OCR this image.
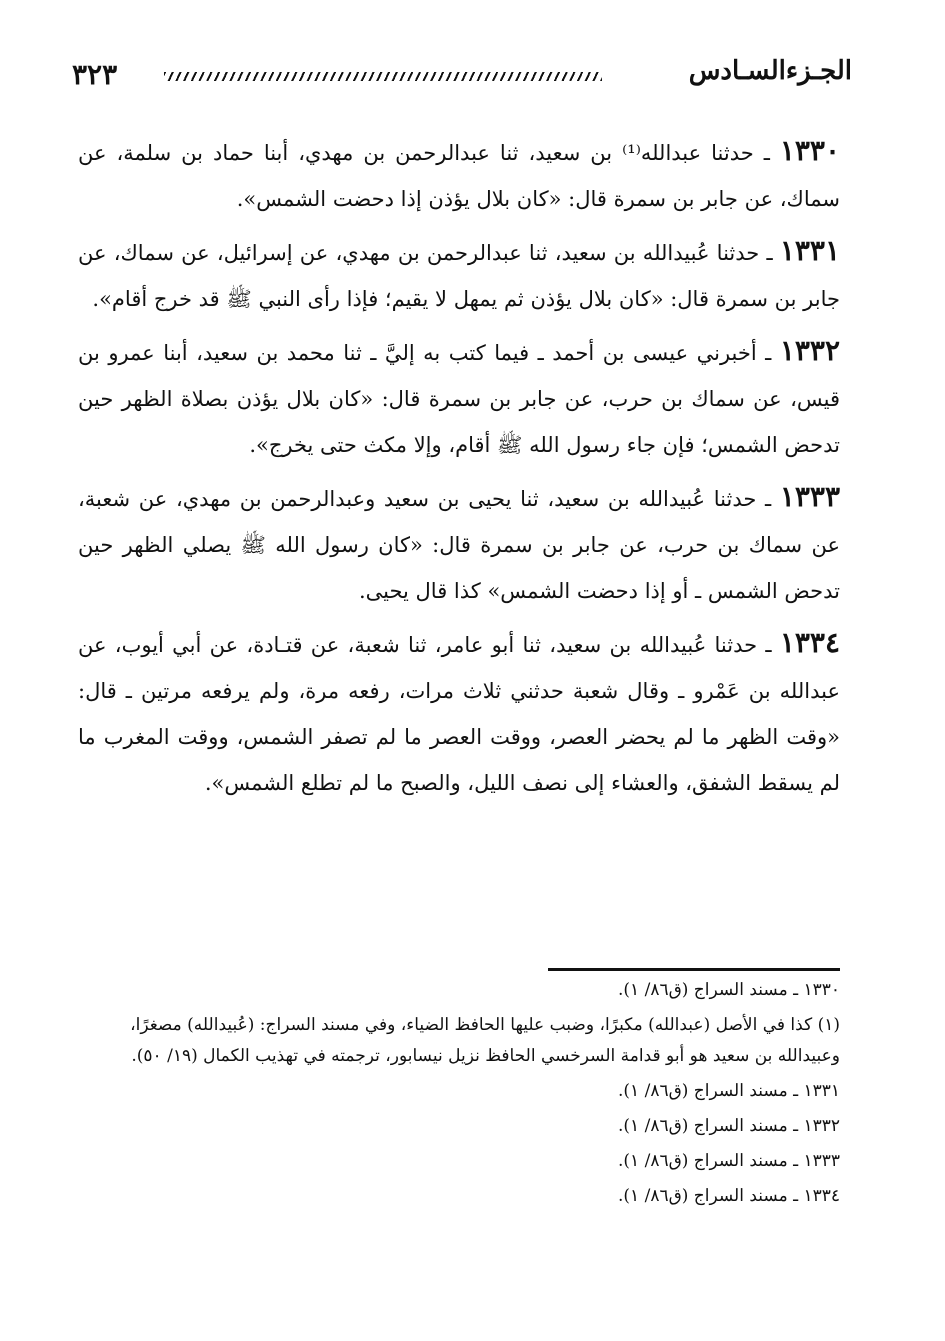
٣٢٣	الجـزءالسـادس

١٣٣٠ ـ حدثنا عبدالله⁽¹⁾ بن سعيد، ثنا عبدالرحمن بن مهدي، أبنا حماد بن سلمة، عن سماك، عن جابر بن سمرة قال: «كان بلال يؤذن إذا دحضت الشمس».

١٣٣١ ـ حدثنا عُبيدالله بن سعيد، ثنا عبدالرحمن بن مهدي، عن إسرائيل، عن سماك، عن جابر بن سمرة قال: «كان بلال يؤذن ثم يمهل لا يقيم؛ فإذا رأى النبي ﷺ قد خرج أقام».

١٣٣٢ ـ أخبرني عيسى بن أحمد ـ فيما كتب به إليَّ ـ ثنا محمد بن سعيد، أبنا عمرو بن قيس، عن سماك بن حرب، عن جابر بن سمرة قال: «كان بلال يؤذن بصلاة الظهر حين تدحض الشمس؛ فإن جاء رسول الله ﷺ أقام، وإلا مكث حتى يخرج».

١٣٣٣ ـ حدثنا عُبيدالله بن سعيد، ثنا يحيى بن سعيد وعبدالرحمن بن مهدي، عن شعبة، عن سماك بن حرب، عن جابر بن سمرة قال: «كان رسول الله ﷺ يصلي الظهر حين تدحض الشمس ـ أو إذا دحضت الشمس» كذا قال يحيى.

١٣٣٤ ـ حدثنا عُبيدالله بن سعيد، ثنا أبو عامر، ثنا شعبة، عن قتـادة، عن أبي أيوب، عن عبدالله بن عَمْرو ـ وقال شعبة حدثني ثلاث مرات، رفعه مرة، ولم يرفعه مرتين ـ قال: «وقت الظهر ما لم يحضر العصر، ووقت العصر ما لم تصفر الشمس، ووقت المغرب ما لم يسقط الشفق، والعشاء إلى نصف الليل، والصبح ما لم تطلع الشمس».

١٣٣٠ ـ مسند السراج (ق٨٦/ ١).

(١) كذا في الأصل (عبدالله) مكبرًا، وضبب عليها الحافظ الضياء، وفي مسند السراج: (عُبيدالله) مصغرًا، وعبيدالله بن سعيد هو أبو قدامة السرخسي الحافظ نزيل نيسابور، ترجمته في تهذيب الكمال (١٩/ ٥٠).

١٣٣١ ـ مسند السراج (ق٨٦/ ١).

١٣٣٢ ـ مسند السراج (ق٨٦/ ١).

١٣٣٣ ـ مسند السراج (ق٨٦/ ١).

١٣٣٤ ـ مسند السراج (ق٨٦/ ١).
